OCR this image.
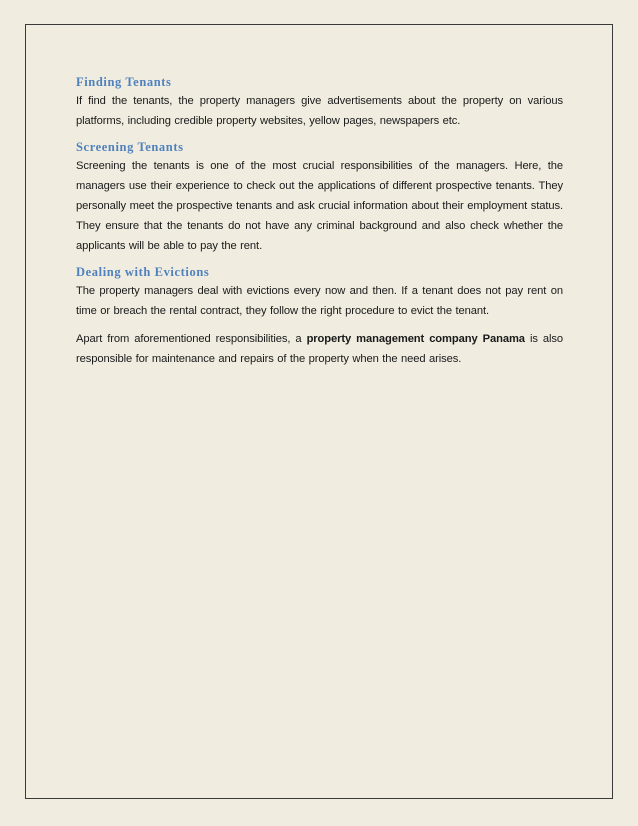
Finding Tenants

If find the tenants, the property managers give advertisements about the property on various platforms, including credible property websites, yellow pages, newspapers etc.

Screening Tenants

Screening the tenants is one of the most crucial responsibilities of the managers. Here, the managers use their experience to check out the applications of different prospective tenants. They personally meet the prospective tenants and ask crucial information about their employment status. They ensure that the tenants do not have any criminal background and also check whether the applicants will be able to pay the rent.

Dealing with Evictions

The property managers deal with evictions every now and then. If a tenant does not pay rent on time or breach the rental contract, they follow the right procedure to evict the tenant.

Apart from aforementioned responsibilities, a property management company Panama is also responsible for maintenance and repairs of the property when the need arises.
